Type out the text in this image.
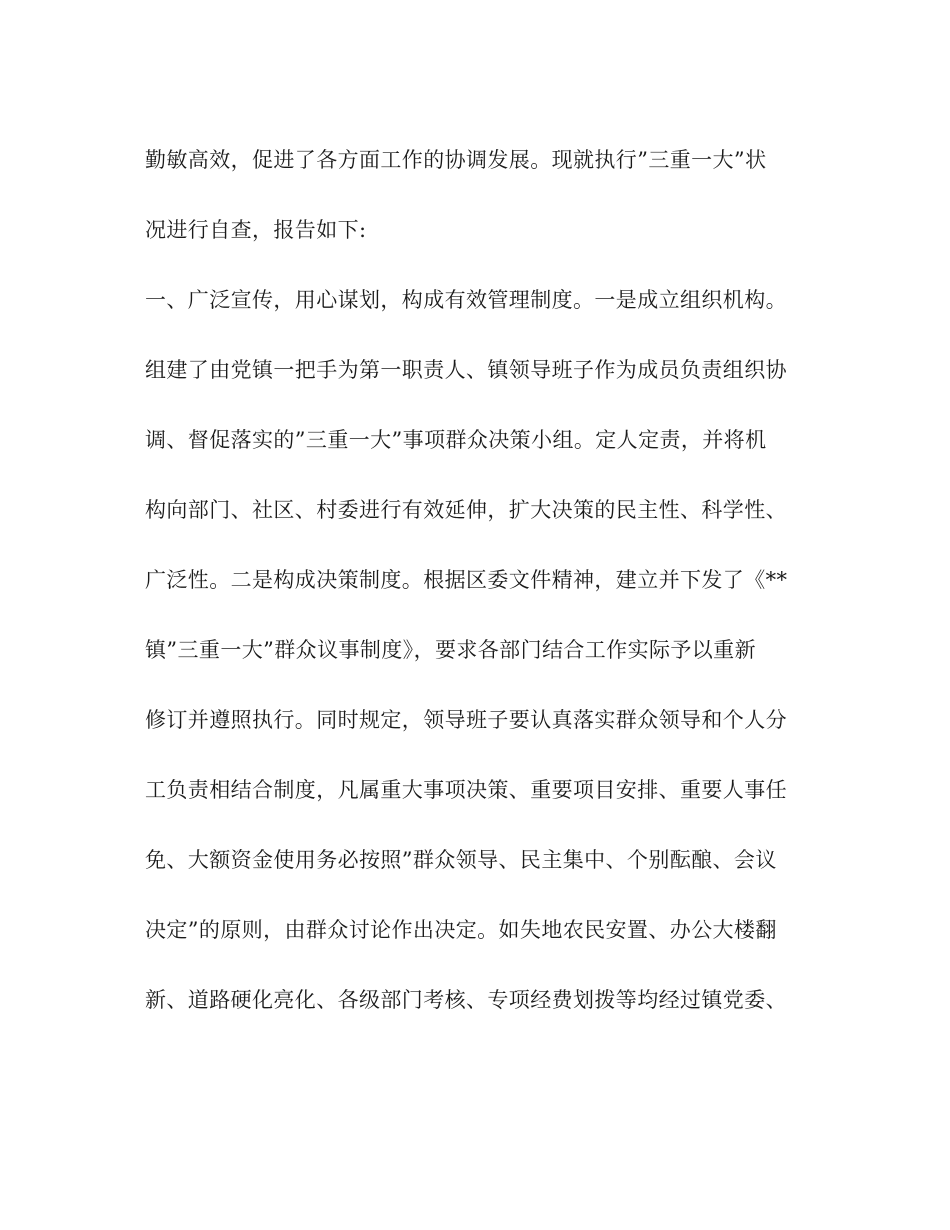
勤敏高效，促进了各方面工作的协调发展。现就执行”三重一大”状

况进行自查，报告如下:

一、广泛宣传，用心谋划，构成有效管理制度。一是成立组织机构。

组建了由党镇一把手为第一职责人、镇领导班子作为成员负责组织协

调、督促落实的”三重一大”事项群众决策小组。定人定责，并将机

构向部门、社区、村委进行有效延伸，扩大决策的民主性、科学性、

广泛性。二是构成决策制度。根据区委文件精神，建立并下发了《**

镇”三重一大”群众议事制度》，要求各部门结合工作实际予以重新

修订并遵照执行。同时规定，领导班子要认真落实群众领导和个人分

工负责相结合制度，凡属重大事项决策、重要项目安排、重要人事任

免、大额资金使用务必按照”群众领导、民主集中、个别酝酿、会议

决定”的原则，由群众讨论作出决定。如失地农民安置、办公大楼翻

新、道路硬化亮化、各级部门考核、专项经费划拨等均经过镇党委、
